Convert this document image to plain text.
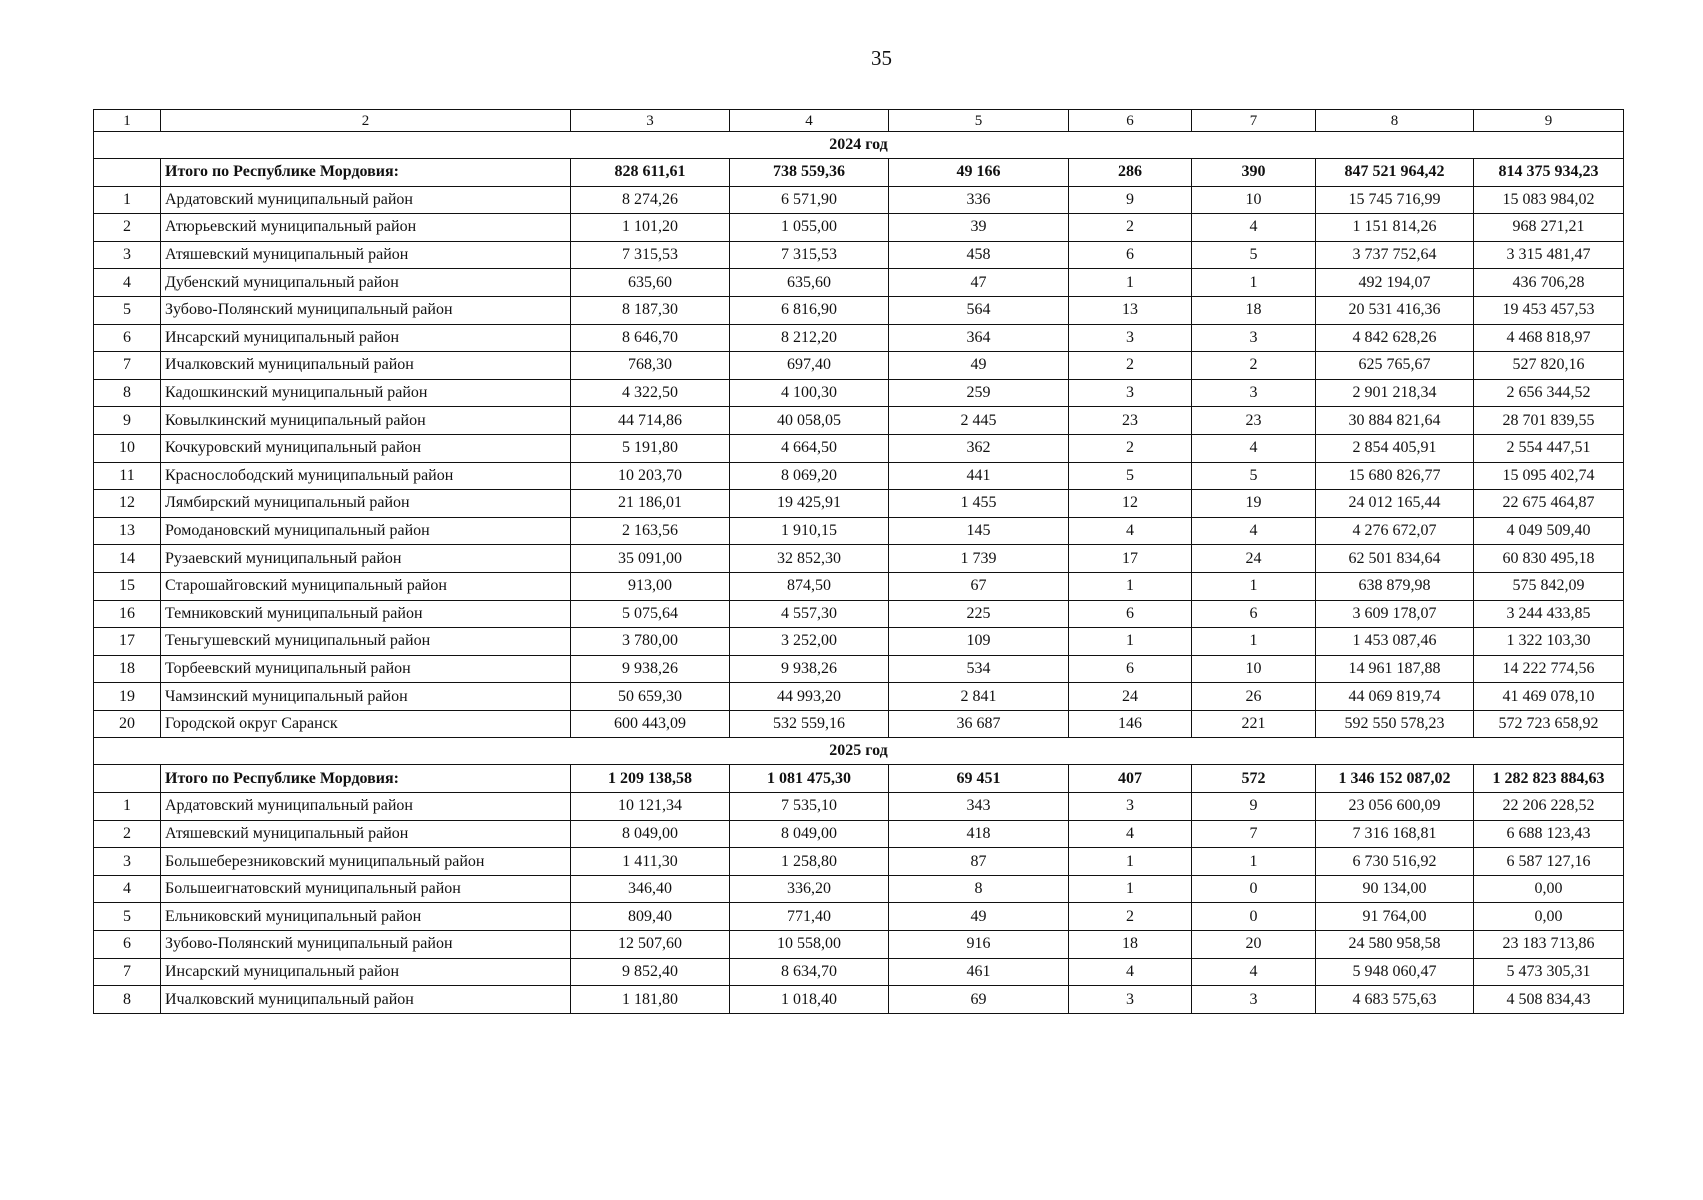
35
1	2	3	4	5	6	7	8	9
2024 год								
	Итого по Республике Мордовия:	828 611,61	738 559,36	49 166	286	390	847 521 964,42	814 375 934,23
1	Ардатовский муниципальный район	8 274,26	6 571,90	336	9	10	15 745 716,99	15 083 984,02
2	Атюрьевский муниципальный район	1 101,20	1 055,00	39	2	4	1 151 814,26	968 271,21
3	Атяшевский муниципальный район	7 315,53	7 315,53	458	6	5	3 737 752,64	3 315 481,47
4	Дубенский муниципальный район	635,60	635,60	47	1	1	492 194,07	436 706,28
5	Зубово-Полянский муниципальный район	8 187,30	6 816,90	564	13	18	20 531 416,36	19 453 457,53
6	Инсарский муниципальный район	8 646,70	8 212,20	364	3	3	4 842 628,26	4 468 818,97
7	Ичалковский муниципальный район	768,30	697,40	49	2	2	625 765,67	527 820,16
8	Кадошкинский муниципальный район	4 322,50	4 100,30	259	3	3	2 901 218,34	2 656 344,52
9	Ковылкинский муниципальный район	44 714,86	40 058,05	2 445	23	23	30 884 821,64	28 701 839,55
10	Кочкуровский муниципальный район	5 191,80	4 664,50	362	2	4	2 854 405,91	2 554 447,51
11	Краснослободский муниципальный район	10 203,70	8 069,20	441	5	5	15 680 826,77	15 095 402,74
12	Лямбирский муниципальный район	21 186,01	19 425,91	1 455	12	19	24 012 165,44	22 675 464,87
13	Ромодановский муниципальный район	2 163,56	1 910,15	145	4	4	4 276 672,07	4 049 509,40
14	Рузаевский муниципальный район	35 091,00	32 852,30	1 739	17	24	62 501 834,64	60 830 495,18
15	Старошайговский муниципальный район	913,00	874,50	67	1	1	638 879,98	575 842,09
16	Темниковский муниципальный район	5 075,64	4 557,30	225	6	6	3 609 178,07	3 244 433,85
17	Теньгушевский муниципальный район	3 780,00	3 252,00	109	1	1	1 453 087,46	1 322 103,30
18	Торбеевский муниципальный район	9 938,26	9 938,26	534	6	10	14 961 187,88	14 222 774,56
19	Чамзинский муниципальный район	50 659,30	44 993,20	2 841	24	26	44 069 819,74	41 469 078,10
20	Городской округ Саранск	600 443,09	532 559,16	36 687	146	221	592 550 578,23	572 723 658,92
2025 год								
	Итого по Республике Мордовия:	1 209 138,58	1 081 475,30	69 451	407	572	1 346 152 087,02	1 282 823 884,63
1	Ардатовский муниципальный район	10 121,34	7 535,10	343	3	9	23 056 600,09	22 206 228,52
2	Атяшевский муниципальный район	8 049,00	8 049,00	418	4	7	7 316 168,81	6 688 123,43
3	Большеберезниковский муниципальный район	1 411,30	1 258,80	87	1	1	6 730 516,92	6 587 127,16
4	Большеигнатовский муниципальный район	346,40	336,20	8	1	0	90 134,00	0,00
5	Ельниковский муниципальный район	809,40	771,40	49	2	0	91 764,00	0,00
6	Зубово-Полянский муниципальный район	12 507,60	10 558,00	916	18	20	24 580 958,58	23 183 713,86
7	Инсарский муниципальный район	9 852,40	8 634,70	461	4	4	5 948 060,47	5 473 305,31
8	Ичалковский муниципальный район	1 181,80	1 018,40	69	3	3	4 683 575,63	4 508 834,43
